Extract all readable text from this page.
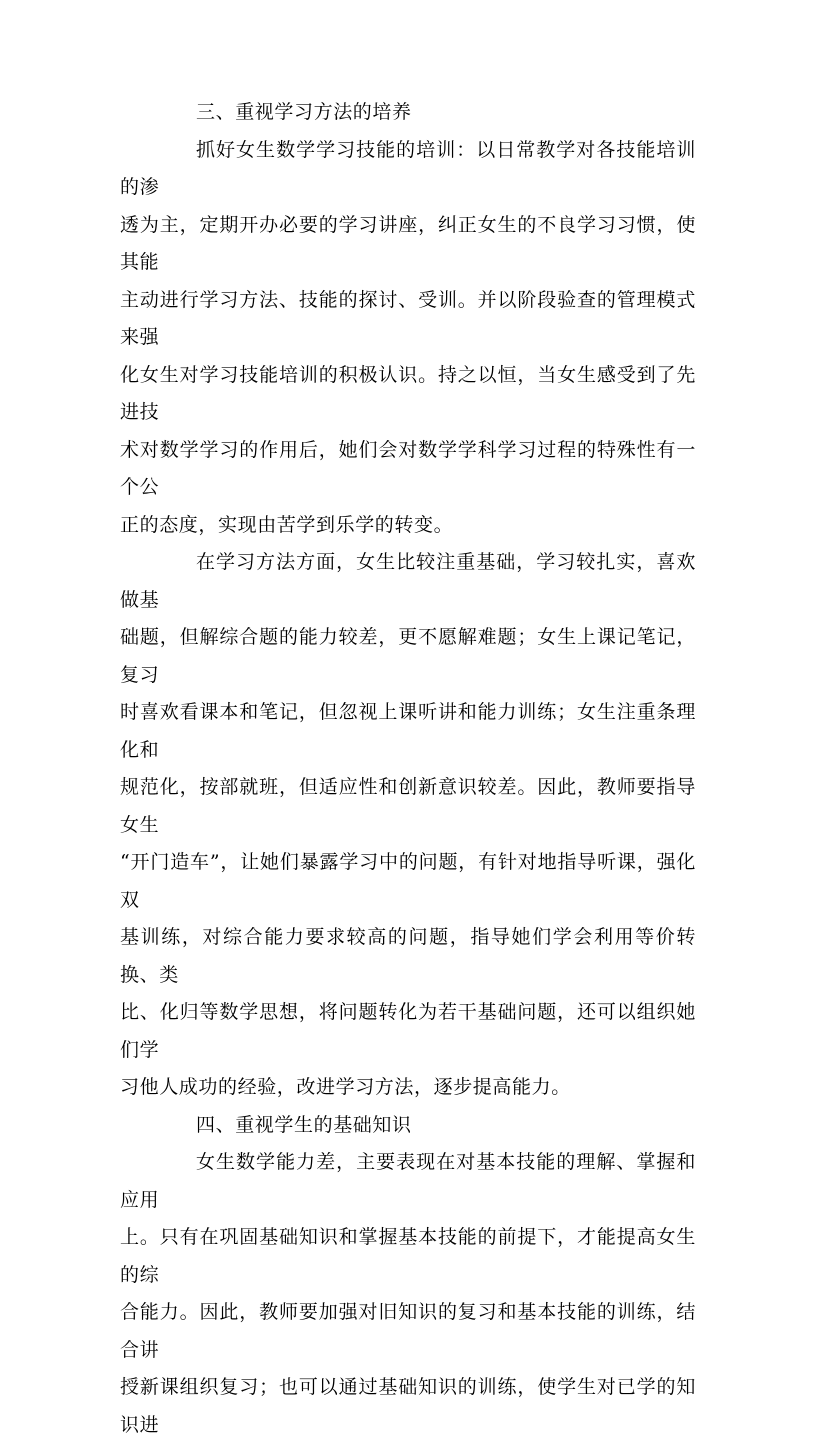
三、重视学习方法的培养

抓好女生数学学习技能的培训：以日常教学对各技能培训的渗
透为主，定期开办必要的学习讲座，纠正女生的不良学习习惯，使其能
主动进行学习方法、技能的探讨、受训。并以阶段验查的管理模式来强
化女生对学习技能培训的积极认识。持之以恒，当女生感受到了先进技
术对数学学习的作用后，她们会对数学学科学习过程的特殊性有一个公
正的态度，实现由苦学到乐学的转变。

在学习方法方面，女生比较注重基础，学习较扎实，喜欢做基
础题，但解综合题的能力较差，更不愿解难题；女生上课记笔记，复习
时喜欢看课本和笔记，但忽视上课听讲和能力训练；女生注重条理化和
规范化，按部就班，但适应性和创新意识较差。因此，教师要指导女生
“开门造车”，让她们暴露学习中的问题，有针对地指导听课，强化双
基训练，对综合能力要求较高的问题，指导她们学会利用等价转换、类
比、化归等数学思想，将问题转化为若干基础问题，还可以组织她们学
习他人成功的经验，改进学习方法，逐步提高能力。

四、重视学生的基础知识

女生数学能力差，主要表现在对基本技能的理解、掌握和应用
上。只有在巩固基础知识和掌握基本技能的前提下，才能提高女生的综
合能力。因此，教师要加强对旧知识的复习和基本技能的训练，结合讲
授新课组织复习；也可以通过基础知识的训练，使学生对已学的知识进
